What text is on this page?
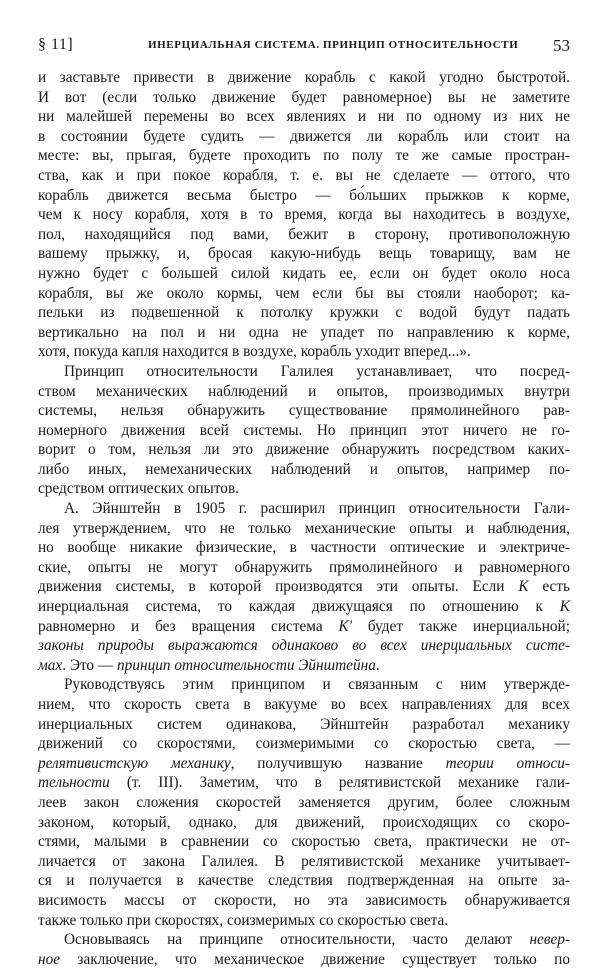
§ 11]	ИНЕРЦИАЛЬНАЯ СИСТЕМА. ПРИНЦИП ОТНОСИТЕЛЬНОСТИ 53
и заставьте привести в движение корабль с какой угодно быстротой.
И вот (если только движение будет равномерное) вы не заметите
ни малейшей перемены во всех явлениях и ни по одному из них не
в состоянии будете судить — движется ли корабль или стоит на
месте: вы, прыгая, будете проходить по полу те же самые простран-
ства, как и при покое корабля, т. е. вы не сделаете — оттого, что
корабль движется весьма быстро — бо́льших прыжков к корме,
чем к носу корабля, хотя в то время, когда вы находитесь в воздухе,
пол, находящийся под вами, бежит в сторону, противоположную
вашему прыжку, и, бросая какую-нибудь вещь товарищу, вам не
нужно будет с большей силой кидать ее, если он будет около носа
корабля, вы же около кормы, чем если бы вы стояли наоборот; ка-
пельки из подвешенной к потолку кружки с водой будут падать
вертикально на пол и ни одна не упадет по направлению к корме,
хотя, покуда капля находится в воздухе, корабль уходит вперед...».
Принцип относительности Галилея устанавливает, что посред-
ством механических наблюдений и опытов, производимых внутри
системы, нельзя обнаружить существование прямолинейного рав-
номерного движения всей системы. Но принцип этот ничего не го-
ворит о том, нельзя ли это движение обнаружить посредством каких-
либо иных, немеханических наблюдений и опытов, например по-
средством оптических опытов.
А. Эйнштейн в 1905 г. расширил принцип относительности Гали-
лея утверждением, что не только механические опыты и наблюдения,
но вообще никакие физические, в частности оптические и электриче-
ские, опыты не могут обнаружить прямолинейного и равномерного
движения системы, в которой производятся эти опыты. Если K есть
инерциальная система, то каждая движущаяся по отношению к K
равномерно и без вращения система K' будет также инерциальной;
законы природы выражаются одинаково во всех инерциальных систе-
мах. Это — принцип относительности Эйнштейна.
Руководствуясь этим принципом и связанным с ним утвержде-
нием, что скорость света в вакууме во всех направлениях для всех
инерциальных систем одинакова, Эйнштейн разработал механику
движений со скоростями, соизмеримыми со скоростью света, —
релятивистскую механику, получившую название теории относи-
тельности (т. III). Заметим, что в релятивистской механике гали-
леев закон сложения скоростей заменяется другим, более сложным
законом, который, однако, для движений, происходящих со скоро-
стями, малыми в сравнении со скоростью света, практически не от-
личается от закона Галилея. В релятивистской механике учитывает-
ся и получается в качестве следствия подтвержденная на опыте за-
висимость массы от скорости, но эта зависимость обнаруживается
также только при скоростях, соизмеримых со скоростью света.
Основываясь на принципе относительности, часто делают невер-
ное заключение, что механическое движение существует только по
